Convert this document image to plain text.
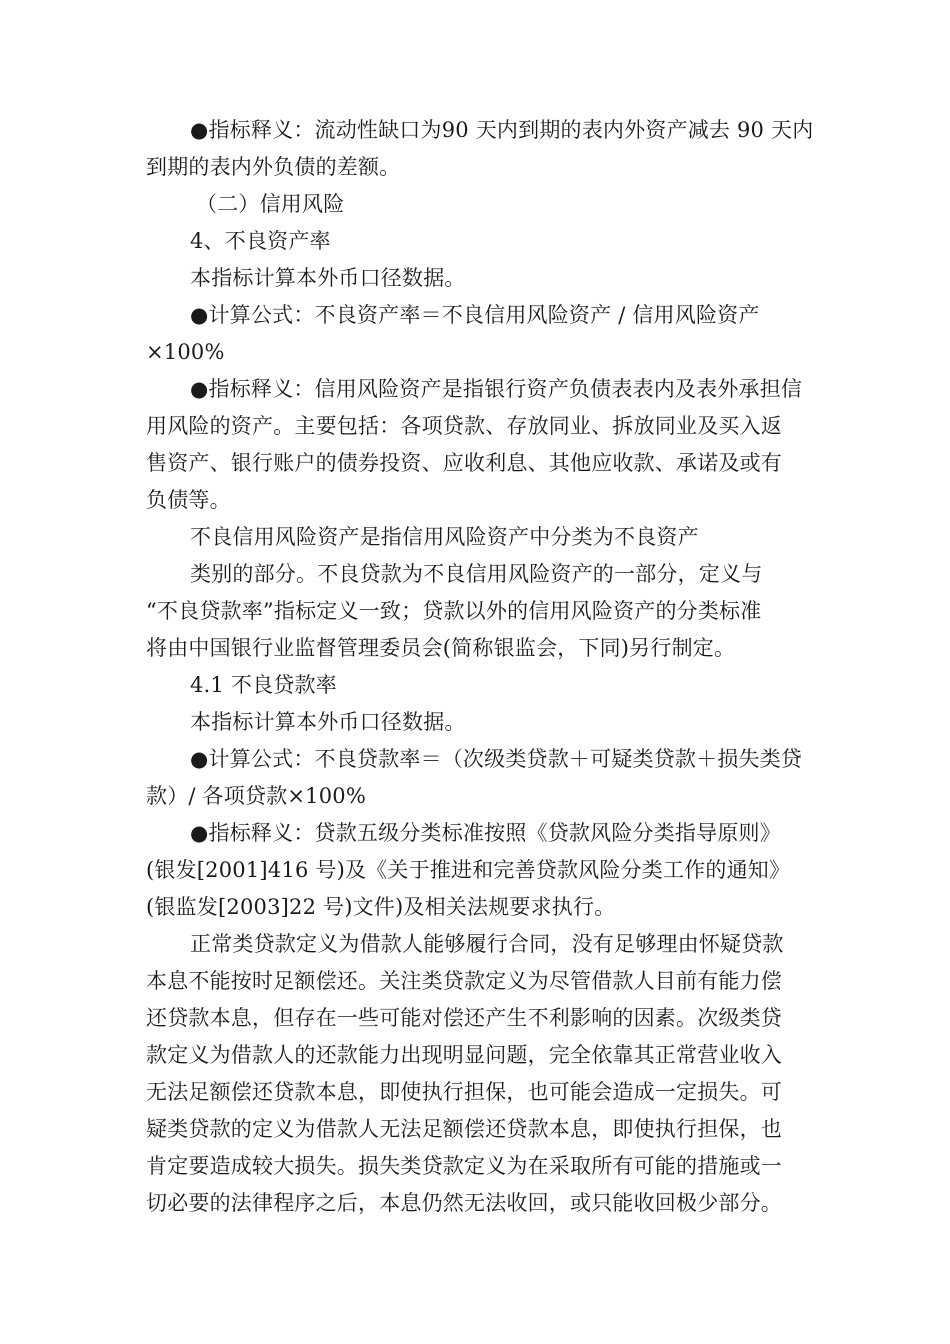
●指标释义：流动性缺口为90 天内到期的表内外资产减去 90 天内
到期的表内外负债的差额。
（二）信用风险
4、不良资产率
本指标计算本外币口径数据。
●计算公式：不良资产率＝不良信用风险资产 / 信用风险资产
×100%
●指标释义：信用风险资产是指银行资产负债表表内及表外承担信
用风险的资产。主要包括：各项贷款、存放同业、拆放同业及买入返
售资产、银行账户的债券投资、应收利息、其他应收款、承诺及或有
负债等。
不良信用风险资产是指信用风险资产中分类为不良资产
类别的部分。不良贷款为不良信用风险资产的一部分，定义与
“不良贷款率”指标定义一致；贷款以外的信用风险资产的分类标准
将由中国银行业监督管理委员会(简称银监会，下同)另行制定。
4.1 不良贷款率
本指标计算本外币口径数据。
●计算公式：不良贷款率＝（次级类贷款＋可疑类贷款＋损失类贷
款）/ 各项贷款×100%
●指标释义：贷款五级分类标准按照《贷款风险分类指导原则》
(银发[2001]416 号)及《关于推进和完善贷款风险分类工作的通知》
(银监发[2003]22 号)文件)及相关法规要求执行。
正常类贷款定义为借款人能够履行合同，没有足够理由怀疑贷款
本息不能按时足额偿还。关注类贷款定义为尽管借款人目前有能力偿
还贷款本息，但存在一些可能对偿还产生不利影响的因素。次级类贷
款定义为借款人的还款能力出现明显问题，完全依靠其正常营业收入
无法足额偿还贷款本息，即使执行担保，也可能会造成一定损失。可
疑类贷款的定义为借款人无法足额偿还贷款本息，即使执行担保，也
肯定要造成较大损失。损失类贷款定义为在采取所有可能的措施或一
切必要的法律程序之后，本息仍然无法收回，或只能收回极少部分。
